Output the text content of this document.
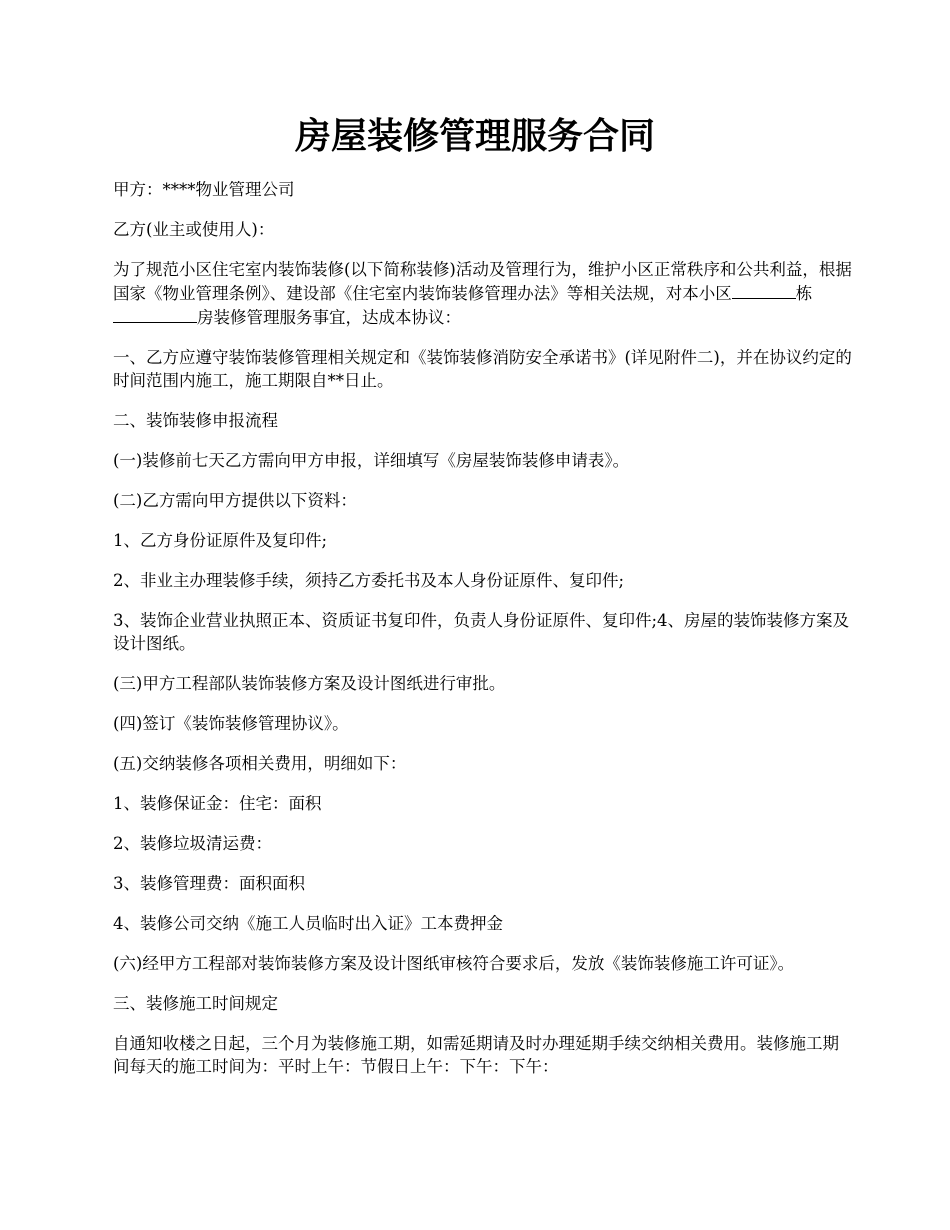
房屋装修管理服务合同

甲方：****物业管理公司

乙方(业主或使用人)：

为了规范小区住宅室内装饰装修(以下简称装修)活动及管理行为，维护小区正常秩序和公共利益，根据国家《物业管理条例》、建设部《住宅室内装饰装修管理办法》等相关法规，对本小区	栋房装修管理服务事宜，达成本协议：

一、乙方应遵守装饰装修管理相关规定和《装饰装修消防安全承诺书》(详见附件二)，并在协议约定的时间范围内施工，施工期限自**日止。

二、装饰装修申报流程

(一)装修前七天乙方需向甲方申报，详细填写《房屋装饰装修申请表》。

(二)乙方需向甲方提供以下资料：

1、乙方身份证原件及复印件;

2、非业主办理装修手续，须持乙方委托书及本人身份证原件、复印件;

3、装饰企业营业执照正本、资质证书复印件，负责人身份证原件、复印件;4、房屋的装饰装修方案及设计图纸。

(三)甲方工程部队装饰装修方案及设计图纸进行审批。

(四)签订《装饰装修管理协议》。

(五)交纳装修各项相关费用，明细如下：

1、装修保证金：住宅：面积

2、装修垃圾清运费：

3、装修管理费：面积面积

4、装修公司交纳《施工人员临时出入证》工本费押金

(六)经甲方工程部对装饰装修方案及设计图纸审核符合要求后，发放《装饰装修施工许可证》。

三、装修施工时间规定

自通知收楼之日起，三个月为装修施工期，如需延期请及时办理延期手续交纳相关费用。装修施工期间每天的施工时间为：平时上午：节假日上午：下午：下午：
